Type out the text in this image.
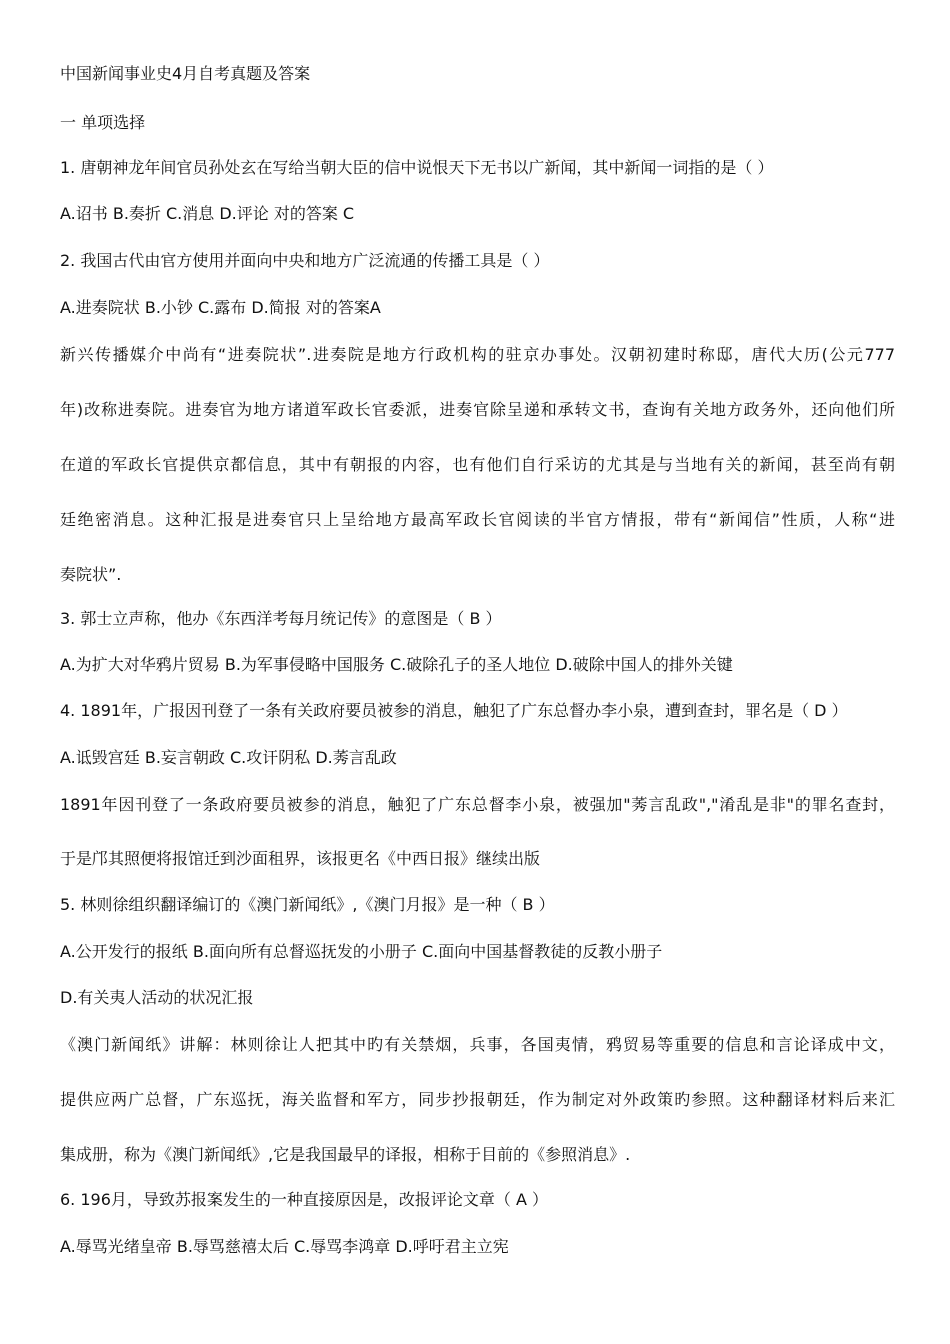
中国新闻事业史4月自考真题及答案
一 单项选择
1. 唐朝神龙年间官员孙处玄在写给当朝大臣的信中说恨天下无书以广新闻，其中新闻一词指的是（ ）
A.诏书 B.奏折 C.消息 D.评论 对的答案 C
2. 我国古代由官方使用并面向中央和地方广泛流通的传播工具是（ ）
A.进奏院状 B.小钞 C.露布 D.简报 对的答案A
新兴传播媒介中尚有“进奏院状”.进奏院是地方行政机构的驻京办事处。汉朝初建时称邸，唐代大历(公元777
年)改称进奏院。进奏官为地方诸道军政长官委派，进奏官除呈递和承转文书，查询有关地方政务外，还向他们所
在道的军政长官提供京都信息，其中有朝报的内容，也有他们自行采访的尤其是与当地有关的新闻，甚至尚有朝
廷绝密消息。这种汇报是进奏官只上呈给地方最高军政长官阅读的半官方情报，带有“新闻信”性质，人称“进
奏院状”.
3. 郭士立声称，他办《东西洋考每月统记传》的意图是（ B ）
A.为扩大对华鸦片贸易 B.为军事侵略中国服务 C.破除孔子的圣人地位 D.破除中国人的排外关键
4. 1891年，广报因刊登了一条有关政府要员被参的消息，触犯了广东总督办李小泉，遭到查封，罪名是（ D ）
A.诋毁宫廷 B.妄言朝政 C.攻讦阴私 D.莠言乱政
1891年因刊登了一条政府要员被参的消息，触犯了广东总督李小泉，被强加"莠言乱政","淆乱是非"的罪名查封，
于是邝其照便将报馆迁到沙面租界，该报更名《中西日报》继续出版
5. 林则徐组织翻译编订的《澳门新闻纸》,《澳门月报》是一种（ B ）
A.公开发行的报纸 B.面向所有总督巡抚发的小册子 C.面向中国基督教徒的反教小册子
D.有关夷人活动的状况汇报
《澳门新闻纸》讲解：林则徐让人把其中旳有关禁烟，兵事，各国夷情，鸦贸易等重要的信息和言论译成中文，
提供应两广总督，广东巡抚，海关监督和军方，同步抄报朝廷，作为制定对外政策旳参照。这种翻译材料后来汇
集成册，称为《澳门新闻纸》,它是我国最早的译报，相称于目前的《参照消息》.
6. 196月，导致苏报案发生的一种直接原因是，改报评论文章（ A ）
A.辱骂光绪皇帝 B.辱骂慈禧太后 C.辱骂李鸿章 D.呼吁君主立宪
